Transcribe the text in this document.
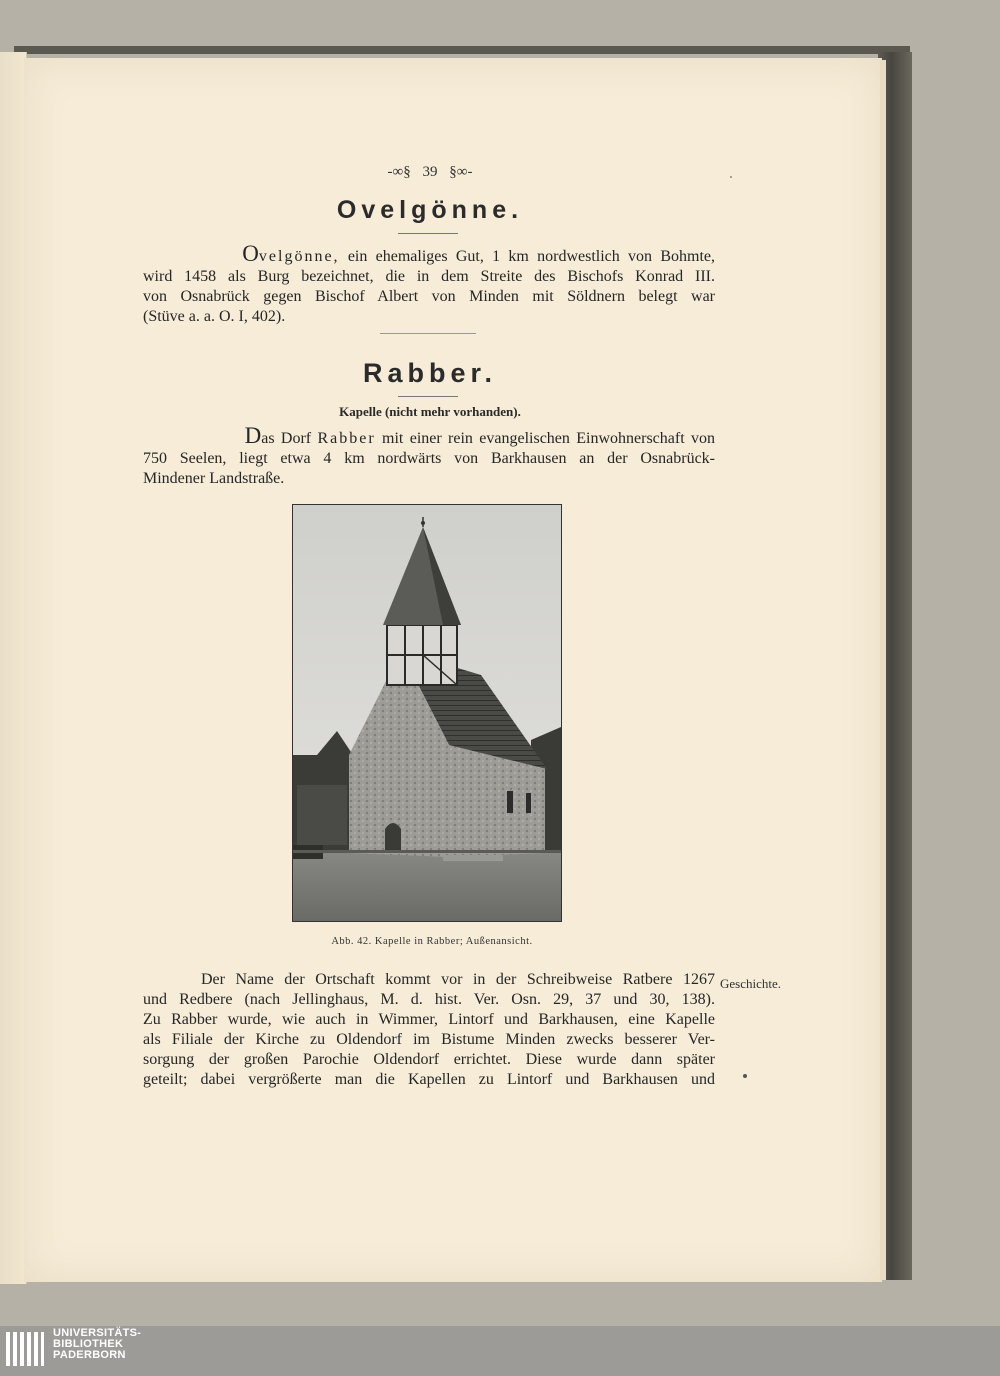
-∞§ 39 §∞-
Ovelgönne.
Ovelgönne, ein ehemaliges Gut, 1 km nordwestlich von Bohmte,
wird 1458 als Burg bezeichnet, die in dem Streite des Bischofs Konrad III.
von Osnabrück gegen Bischof Albert von Minden mit Söldnern belegt war
(Stüve a. a. O. I, 402).
Rabber.
Kapelle (nicht mehr vorhanden).
Das Dorf Rabber mit einer rein evangelischen Einwohnerschaft von
750 Seelen, liegt etwa 4 km nordwärts von Barkhausen an der Osnabrück-
Mindener Landstraße.
Abb. 42. Kapelle in Rabber; Außenansicht.
Der Name der Ortschaft kommt vor in der Schreibweise Ratbere 1267
und Redbere (nach Jellinghaus, M. d. hist. Ver. Osn. 29, 37 und 30, 138).
Zu Rabber wurde, wie auch in Wimmer, Lintorf und Barkhausen, eine Kapelle
als Filiale der Kirche zu Oldendorf im Bistume Minden zwecks besserer Ver-
sorgung der großen Parochie Oldendorf errichtet. Diese wurde dann später
geteilt; dabei vergrößerte man die Kapellen zu Lintorf und Barkhausen und
Geschichte.
UNIVERSITÄTS-
BIBLIOTHEK
PADERBORN
